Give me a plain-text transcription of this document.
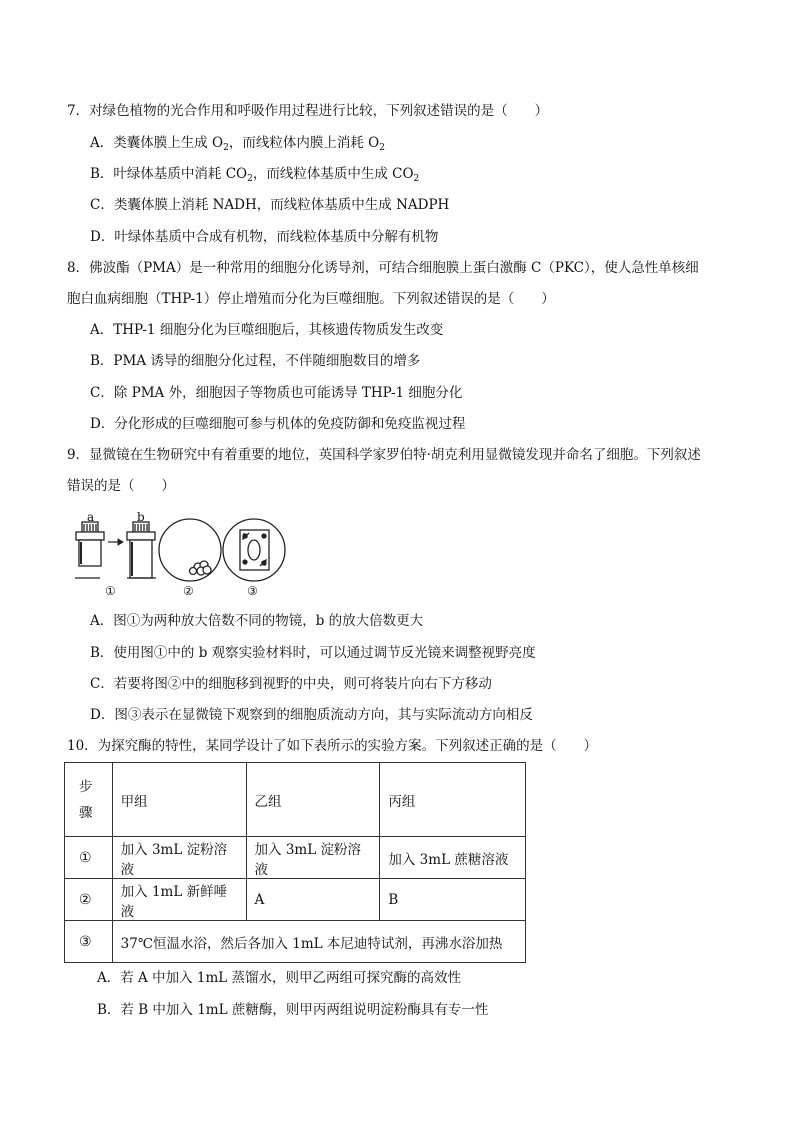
7．对绿色植物的光合作用和呼吸作用过程进行比较，下列叙述错误的是（　　）
A．类囊体膜上生成 $O_2$，而线粒体内膜上消耗 $O_2$
B．叶绿体基质中消耗 $CO_2$，而线粒体基质中生成 $CO_2$
C．类囊体膜上消耗 NADH，而线粒体基质中生成 NADPH
D．叶绿体基质中合成有机物，而线粒体基质中分解有机物
8．佛波酯（PMA）是一种常用的细胞分化诱导剂，可结合细胞膜上蛋白激酶 C（PKC），使人急性单核细
胞白血病细胞（THP-1）停止增殖而分化为巨噬细胞。下列叙述错误的是（　　）
A．THP-1 细胞分化为巨噬细胞后，其核遗传物质发生改变
B．PMA 诱导的细胞分化过程，不伴随细胞数目的增多
C．除 PMA 外，细胞因子等物质也可能诱导 THP-1 细胞分化
D．分化形成的巨噬细胞可参与机体的免疫防御和免疫监视过程
9．显微镜在生物研究中有着重要的地位，英国科学家罗伯特·胡克利用显微镜发现并命名了细胞。下列叙述
错误的是（　　）
a	b
①	②	③
A．图①为两种放大倍数不同的物镜，b 的放大倍数更大
B．使用图①中的 b 观察实验材料时，可以通过调节反光镜来调整视野亮度
C．若要将图②中的细胞移到视野的中央，则可将装片向右下方移动
D．图③表示在显微镜下观察到的细胞质流动方向，其与实际流动方向相反
10．为探究酶的特性，某同学设计了如下表所示的实验方案。下列叙述正确的是（　　）
步
骤	甲组	乙组	丙组
①	加入 3mL 淀粉溶液	加入 3mL 淀粉溶液	加入 3mL 蔗糖溶液
②	加入 1mL 新鲜唾液	A	B
③	37℃恒温水浴，然后各加入 1mL 本尼迪特试剂，再沸水浴加热		
A．若 A 中加入 1mL 蒸馏水，则甲乙两组可探究酶的高效性
B．若 B 中加入 1mL 蔗糖酶，则甲丙两组说明淀粉酶具有专一性
